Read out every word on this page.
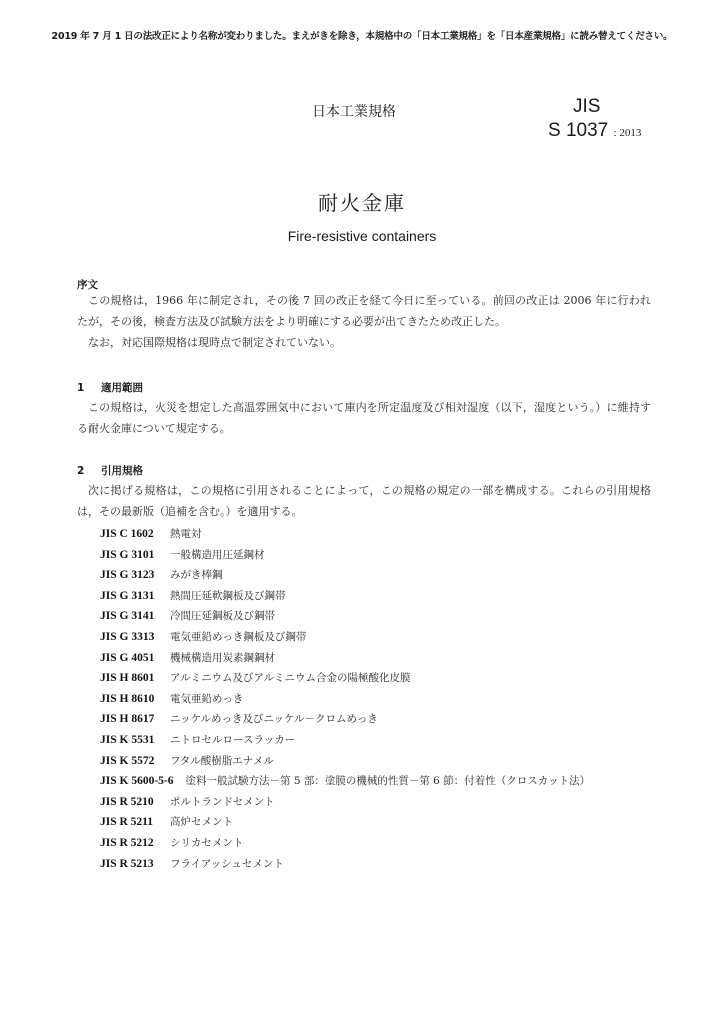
2019 年 7 月 1 日の法改正により名称が変わりました。まえがきを除き，本規格中の「日本工業規格」を「日本産業規格」に読み替えてください。
日本工業規格	JIS
S 1037 : 2013
耐火金庫
Fire-resistive containers
序文

この規格は，1966 年に制定され，その後 7 回の改正を経て今日に至っている。前回の改正は 2006 年に行われたが，その後，検査方法及び試験方法をより明確にする必要が出てきたため改正した。

なお，対応国際規格は現時点で制定されていない。

1 適用範囲

この規格は，火災を想定した高温雰囲気中において庫内を所定温度及び相対湿度（以下，湿度という。）に維持する耐火金庫について規定する。

2 引用規格

次に掲げる規格は，この規格に引用されることによって，この規格の規定の一部を構成する。これらの引用規格は，その最新版（追補を含む。）を適用する。

JIS C 1602 熱電対
JIS G 3101 一般構造用圧延鋼材
JIS G 3123 みがき棒鋼
JIS G 3131 熱間圧延軟鋼板及び鋼帯
JIS G 3141 冷間圧延鋼板及び鋼帯
JIS G 3313 電気亜鉛めっき鋼板及び鋼帯
JIS G 4051 機械構造用炭素鋼鋼材
JIS H 8601 アルミニウム及びアルミニウム合金の陽極酸化皮膜
JIS H 8610 電気亜鉛めっき
JIS H 8617 ニッケルめっき及びニッケル－クロムめっき
JIS K 5531 ニトロセルロースラッカー
JIS K 5572 フタル酸樹脂エナメル
JIS K 5600-5-6 塗料一般試験方法－第 5 部：塗膜の機械的性質－第 6 節：付着性（クロスカット法）
JIS R 5210 ポルトランドセメント
JIS R 5211 高炉セメント
JIS R 5212 シリカセメント
JIS R 5213 フライアッシュセメント
